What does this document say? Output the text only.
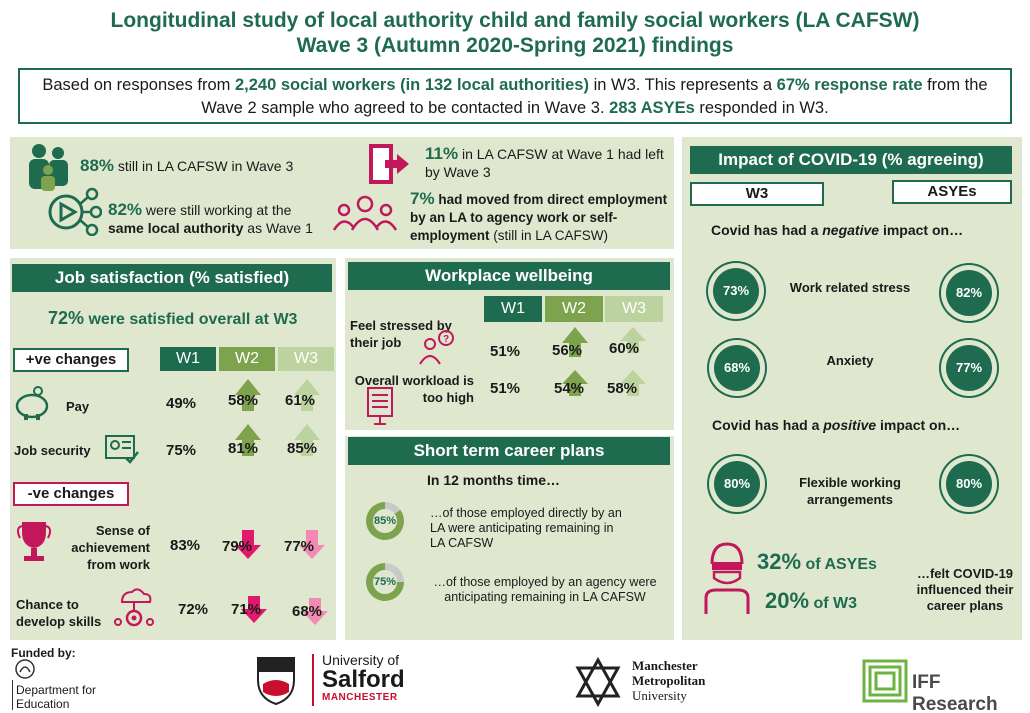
Longitudinal study of local authority child and family social workers (LA CAFSW)
Wave 3 (Autumn 2020-Spring 2021) findings
Based on responses from 2,240 social workers (in 132 local authorities) in W3. This represents a 67% response rate from the Wave 2 sample who agreed to be contacted in Wave 3. 283 ASYEs responded in W3.
88% still in LA CAFSW in Wave 3
82% were still working at the same local authority as Wave 1
11% in LA CAFSW at Wave 1 had left by Wave 3
7% had moved from direct employment by an LA to agency work or self-employment (still in LA CAFSW)
Job satisfaction (% satisfied)
72% were satisfied overall at W3
+ve changes	W1	W2	W3
Pay	49% 58% 61%
Job security	75% 81% 85%
-ve changes
Sense of achievement from work
83% 79% 77%
Chance to develop skills
72% 71% 68%
Workplace wellbeing
W1	W2	W3
Feel stressed by their job	?
51% 56% 60%
Overall workload is too high
51% 54% 58%
Short term career plans
In 12 months time…
85%
…of those employed directly by an LA were anticipating remaining in LA CAFSW
75%	…of those employed by an agency were anticipating remaining in LA CAFSW
Impact of COVID-19 (% agreeing)
W3	ASYEs
Covid has had a negative impact on…
73%	Work related stress	82%
68%	Anxiety	77%
Covid has had a positive impact on…
80%	Flexible working arrangements
80%
32% of ASYEs
20% of W3
…felt COVID-19 influenced their career plans
Funded by:
Department for Education
University of
Salford
MANCHESTER
Manchester
Metropolitan
University
IFF Research
